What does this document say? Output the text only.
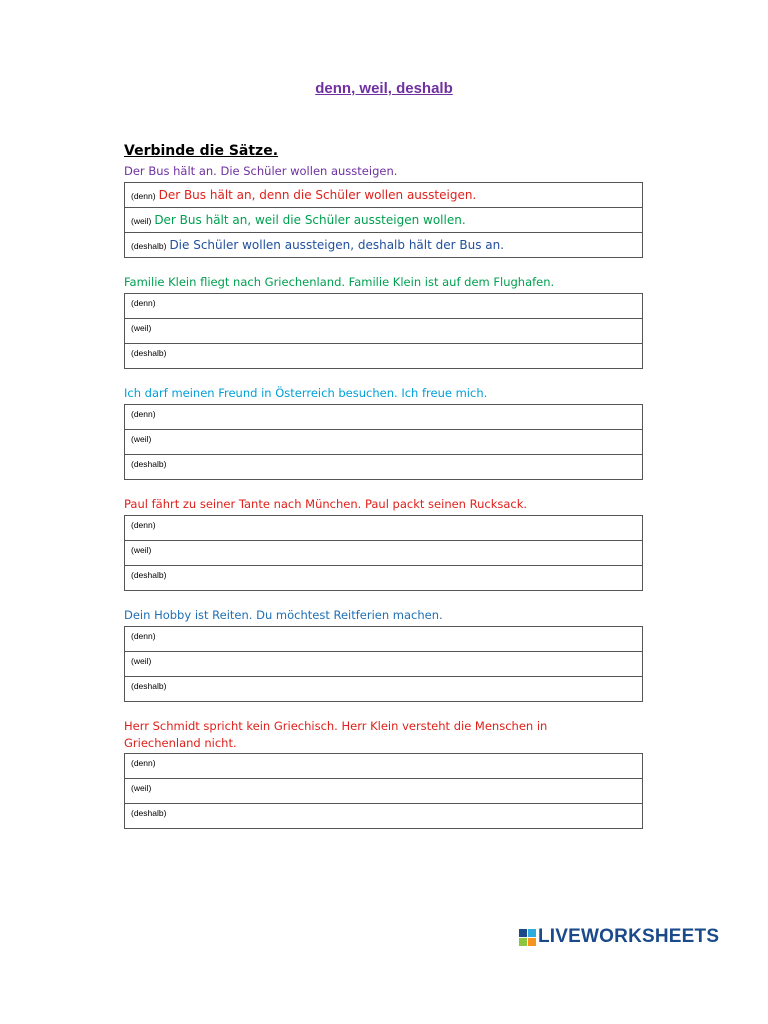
denn, weil, deshalb
Verbinde die Sätze.

Der Bus hält an. Die Schüler wollen aussteigen.

(denn) Der Bus hält an, denn die Schüler wollen aussteigen.
(weil) Der Bus hält an, weil die Schüler aussteigen wollen.
(deshalb) Die Schüler wollen aussteigen, deshalb hält der Bus an.

Familie Klein fliegt nach Griechenland. Familie Klein ist auf dem Flughafen.

(denn)
(weil)
(deshalb)

Ich darf meinen Freund in Österreich besuchen. Ich freue mich.

(denn)
(weil)
(deshalb)

Paul fährt zu seiner Tante nach München. Paul packt seinen Rucksack.

(denn)
(weil)
(deshalb)

Dein Hobby ist Reiten. Du möchtest Reitferien machen.

(denn)
(weil)
(deshalb)

Herr Schmidt spricht kein Griechisch. Herr Klein versteht die Menschen in Griechenland nicht.

(denn)
(weil)
(deshalb)
LIVEWORKSHEETS
